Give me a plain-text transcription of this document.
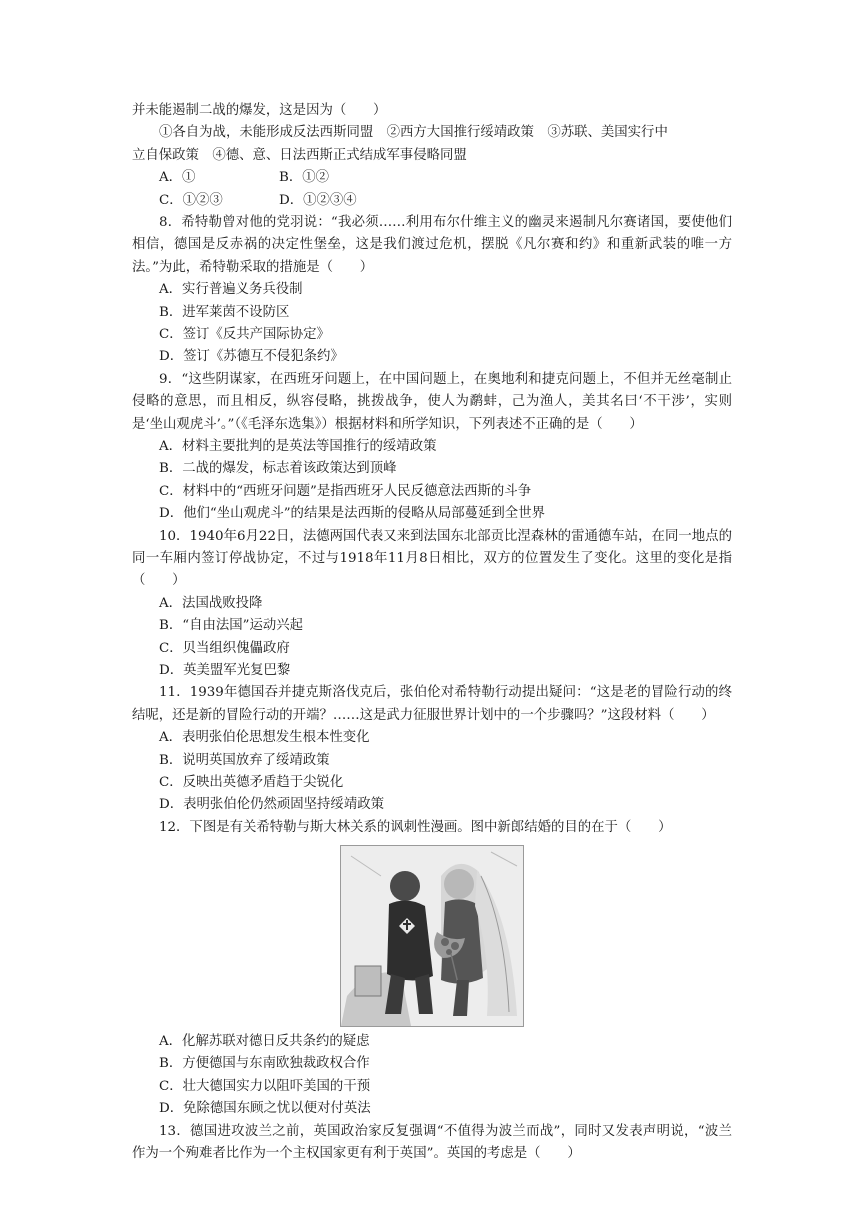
并未能遏制二战的爆发，这是因为（　　）
①各自为战，未能形成反法西斯同盟　②西方大国推行绥靖政策　③苏联、美国实行中
立自保政策　④德、意、日法西斯正式结成军事侵略同盟
A．①	B．①②
C．①②③	D．①②③④
8．希特勒曾对他的党羽说：“我必须……利用布尔什维主义的幽灵来遏制凡尔赛诸国，要使他们相信，德国是反赤祸的决定性堡垒，这是我们渡过危机，摆脱《凡尔赛和约》和重新武装的唯一方法。”为此，希特勒采取的措施是（　　）
A．实行普遍义务兵役制
B．进军莱茵不设防区
C．签订《反共产国际协定》
D．签订《苏德互不侵犯条约》
9．“这些阴谋家，在西班牙问题上，在中国问题上，在奥地利和捷克问题上，不但并无丝毫制止侵略的意思，而且相反，纵容侵略，挑拨战争，使人为鹬蚌，己为渔人，美其名曰‘不干涉’，实则是‘坐山观虎斗’。”（《毛泽东选集》）根据材料和所学知识，下列表述不正确的是（　　）
A．材料主要批判的是英法等国推行的绥靖政策
B．二战的爆发，标志着该政策达到顶峰
C．材料中的“西班牙问题”是指西班牙人民反德意法西斯的斗争
D．他们“坐山观虎斗”的结果是法西斯的侵略从局部蔓延到全世界
10．1940年6月22日，法德两国代表又来到法国东北部贡比涅森林的雷通德车站，在同一地点的同一车厢内签订停战协定，不过与1918年11月8日相比，双方的位置发生了变化。这里的变化是指（　　）
A．法国战败投降
B．“自由法国”运动兴起
C．贝当组织傀儡政府
D．英美盟军光复巴黎
11．1939年德国吞并捷克斯洛伐克后，张伯伦对希特勒行动提出疑问：“这是老的冒险行动的终结呢，还是新的冒险行动的开端？……这是武力征服世界计划中的一个步骤吗？”这段材料（　　）
A．表明张伯伦思想发生根本性变化
B．说明英国放弃了绥靖政策
C．反映出英德矛盾趋于尖锐化
D．表明张伯伦仍然顽固坚持绥靖政策
12．下图是有关希特勒与斯大林关系的讽刺性漫画。图中新郎结婚的目的在于（　　）
A．化解苏联对德日反共条约的疑虑
B．方便德国与东南欧独裁政权合作
C．壮大德国实力以阻吓美国的干预
D．免除德国东顾之忧以便对付英法
13．德国进攻波兰之前，英国政治家反复强调“不值得为波兰而战”，同时又发表声明说，“波兰作为一个殉难者比作为一个主权国家更有利于英国”。英国的考虑是（　　）
